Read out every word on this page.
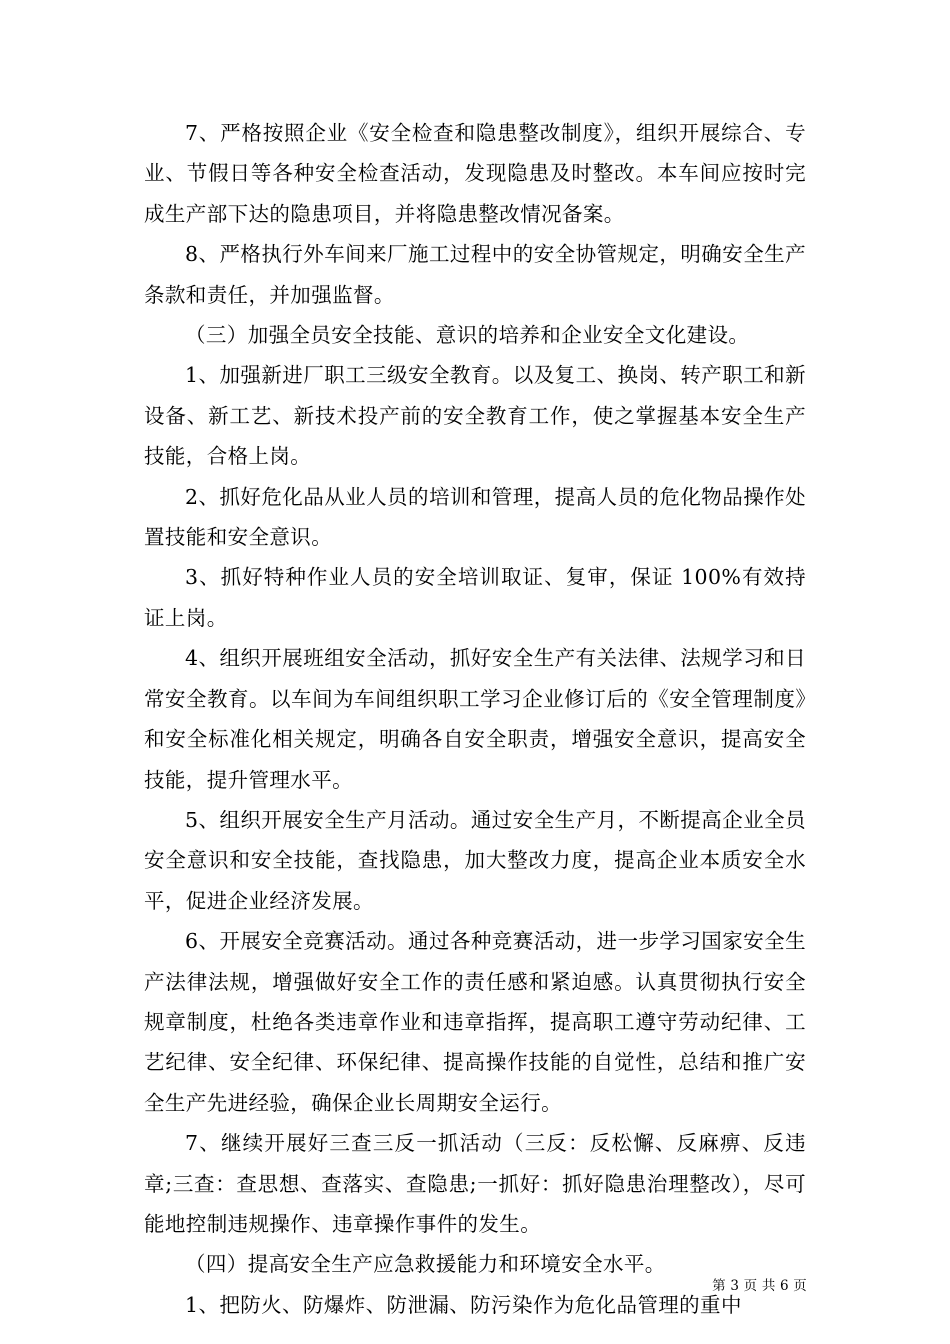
7、严格按照企业《安全检查和隐患整改制度》，组织开展综合、专业、节假日等各种安全检查活动，发现隐患及时整改。本车间应按时完成生产部下达的隐患项目，并将隐患整改情况备案。

8、严格执行外车间来厂施工过程中的安全协管规定，明确安全生产条款和责任，并加强监督。

（三）加强全员安全技能、意识的培养和企业安全文化建设。

1、加强新进厂职工三级安全教育。以及复工、换岗、转产职工和新设备、新工艺、新技术投产前的安全教育工作，使之掌握基本安全生产技能，合格上岗。

2、抓好危化品从业人员的培训和管理，提高人员的危化物品操作处置技能和安全意识。

3、抓好特种作业人员的安全培训取证、复审，保证 100%有效持证上岗。

4、组织开展班组安全活动，抓好安全生产有关法律、法规学习和日常安全教育。以车间为车间组织职工学习企业修订后的《安全管理制度》和安全标准化相关规定，明确各自安全职责，增强安全意识，提高安全技能，提升管理水平。

5、组织开展安全生产月活动。通过安全生产月，不断提高企业全员安全意识和安全技能，查找隐患，加大整改力度，提高企业本质安全水平，促进企业经济发展。

6、开展安全竞赛活动。通过各种竞赛活动，进一步学习国家安全生产法律法规，增强做好安全工作的责任感和紧迫感。认真贯彻执行安全规章制度，杜绝各类违章作业和违章指挥，提高职工遵守劳动纪律、工艺纪律、安全纪律、环保纪律、提高操作技能的自觉性，总结和推广安全生产先进经验，确保企业长周期安全运行。

7、继续开展好三查三反一抓活动（三反：反松懈、反麻痹、反违章;三查：查思想、查落实、查隐患;一抓好：抓好隐患治理整改），尽可能地控制违规操作、违章操作事件的发生。

（四）提高安全生产应急救援能力和环境安全水平。

1、把防火、防爆炸、防泄漏、防污染作为危化品管理的重中

第 3 页 共 6 页
